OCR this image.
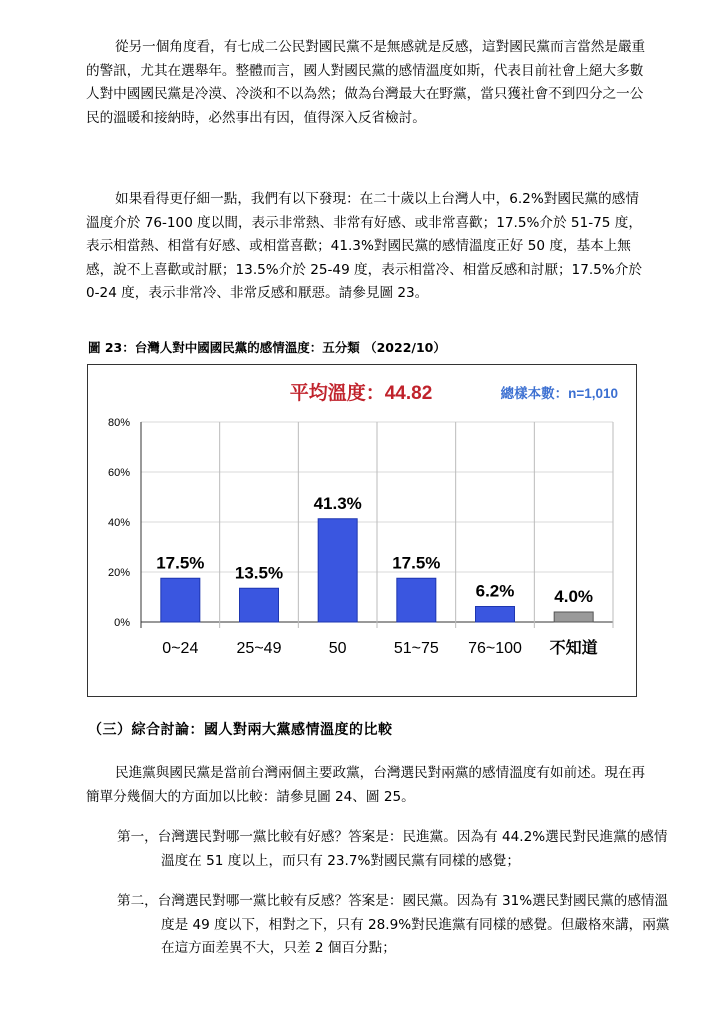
從另一個角度看，有七成二公民對國民黨不是無感就是反感，這對國民黨而言當然是嚴重的警訊，尤其在選舉年。整體而言，國人對國民黨的感情溫度如斯，代表目前社會上絕大多數人對中國國民黨是冷漠、冷淡和不以為然；做為台灣最大在野黨，當只獲社會不到四分之一公民的溫暖和接納時，必然事出有因，值得深入反省檢討。

如果看得更仔細一點，我們有以下發現：在二十歲以上台灣人中，6.2%對國民黨的感情溫度介於 76-100 度以間，表示非常熱、非常有好感、或非常喜歡；17.5%介於 51-75 度，表示相當熱、相當有好感、或相當喜歡；41.3%對國民黨的感情溫度正好 50 度，基本上無感，說不上喜歡或討厭；13.5%介於 25-49 度，表示相當冷、相當反感和討厭；17.5%介於 0-24 度，表示非常冷、非常反感和厭惡。請參見圖 23。

圖 23：台灣人對中國國民黨的感情溫度：五分類 （2022/10）
平均溫度：44.82	總樣本數：n=1,010
0%
20%
40%
60%
80%
17.5%
0~24
13.5%
25~49
41.3%
50
17.5%
51~75
6.2%
76~100
4.0%
不知道
（三）綜合討論：國人對兩大黨感情溫度的比較

民進黨與國民黨是當前台灣兩個主要政黨，台灣選民對兩黨的感情溫度有如前述。現在再簡單分幾個大的方面加以比較：請參見圖 24、圖 25。

第一，台灣選民對哪一黨比較有好感？答案是：民進黨。因為有 44.2%選民對民進黨的感情溫度在 51 度以上，而只有 23.7%對國民黨有同樣的感覺；

第二，台灣選民對哪一黨比較有反感？答案是：國民黨。因為有 31%選民對國民黨的感情溫度是 49 度以下，相對之下，只有 28.9%對民進黨有同樣的感覺。但嚴格來講，兩黨在這方面差異不大，只差 2 個百分點；
